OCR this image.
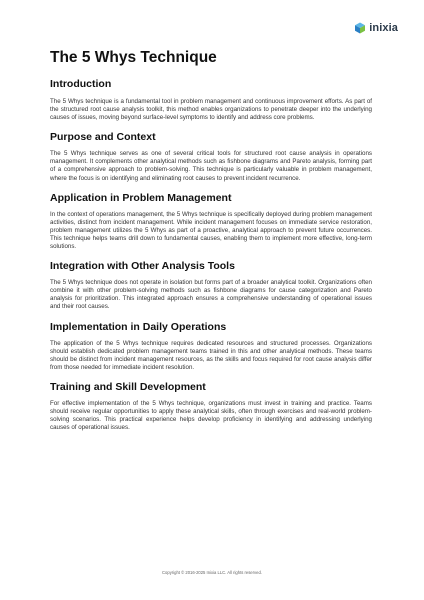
inixia
The 5 Whys Technique
Introduction

The 5 Whys technique is a fundamental tool in problem management and continuous improvement efforts. As part of the structured root cause analysis toolkit, this method enables organizations to penetrate deeper into the underlying causes of issues, moving beyond surface-level symptoms to identify and address core problems.

Purpose and Context

The 5 Whys technique serves as one of several critical tools for structured root cause analysis in operations management. It complements other analytical methods such as fishbone diagrams and Pareto analysis, forming part of a comprehensive approach to problem-solving. This technique is particularly valuable in problem management, where the focus is on identifying and eliminating root causes to prevent incident recurrence.

Application in Problem Management

In the context of operations management, the 5 Whys technique is specifically deployed during problem management activities, distinct from incident management. While incident management focuses on immediate service restoration, problem management utilizes the 5 Whys as part of a proactive, analytical approach to prevent future occurrences. This technique helps teams drill down to fundamental causes, enabling them to implement more effective, long-term solutions.

Integration with Other Analysis Tools

The 5 Whys technique does not operate in isolation but forms part of a broader analytical toolkit. Organizations often combine it with other problem-solving methods such as fishbone diagrams for cause categorization and Pareto analysis for prioritization. This integrated approach ensures a comprehensive understanding of operational issues and their root causes.

Implementation in Daily Operations

The application of the 5 Whys technique requires dedicated resources and structured processes. Organizations should establish dedicated problem management teams trained in this and other analytical methods. These teams should be distinct from incident management resources, as the skills and focus required for root cause analysis differ from those needed for immediate incident resolution.

Training and Skill Development

For effective implementation of the 5 Whys technique, organizations must invest in training and practice. Teams should receive regular opportunities to apply these analytical skills, often through exercises and real-world problem-solving scenarios. This practical experience helps develop proficiency in identifying and addressing underlying causes of operational issues.

Copyright © 2016-2025 Inixia LLC. All rights reserved.
